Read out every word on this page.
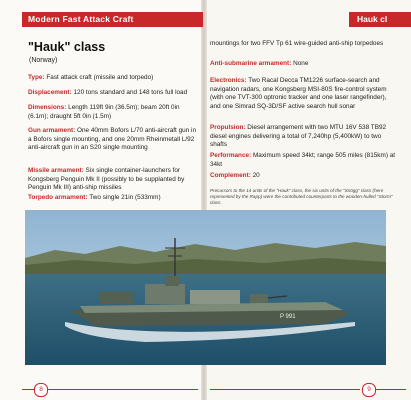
Modern Fast Attack Craft	Hauk cl
"Hauk" class
(Norway)
Type: Fast attack craft (missile and torpedo)
Displacement: 120 tons standard and 148 tons full load
Dimensions: Length 119ft 9in (36.5m); beam 20ft 0in (6.1m); draught 5ft 0in (1.5m)
Gun armament: One 40mm Bofors L/70 anti-aircraft gun in a Bofors single mounting, and one 20mm Rheinmetall L/92 anti-aircraft gun in an S20 single mounting
Missile armament: Six single container-launchers for Kongsberg Penguin Mk II (possibly to be supplanted by Penguin Mk III) anti-ship missiles
Torpedo armament: Two single 21in (533mm)
mountings for two FFV Tp 61 wire-guided anti-ship torpedoes
Anti-submarine armament: None
Electronics: Two Racal Decca TM1226 surface-search and navigation radars, one Kongsberg MSI-80S fire-control system (with one TVT-300 optronic tracker and one laser rangefinder), and one Simrad SQ-3D/SF active search hull sonar
Propulsion: Diesel arrangement with two MTU 16V 538 TB92 diesel engines delivering a total of 7,240hp (5,400kW) to two shafts
Performance: Maximum speed 34kt; range 505 miles (815km) at 34kt
Complement: 20
Precursors to the 14 units of the "Hauk" class, the six units of the "Snögg" class (here represented by the Rapp) were the contributed counterparts to the wooden-hulled "Storm" class.
P 991
8	9
